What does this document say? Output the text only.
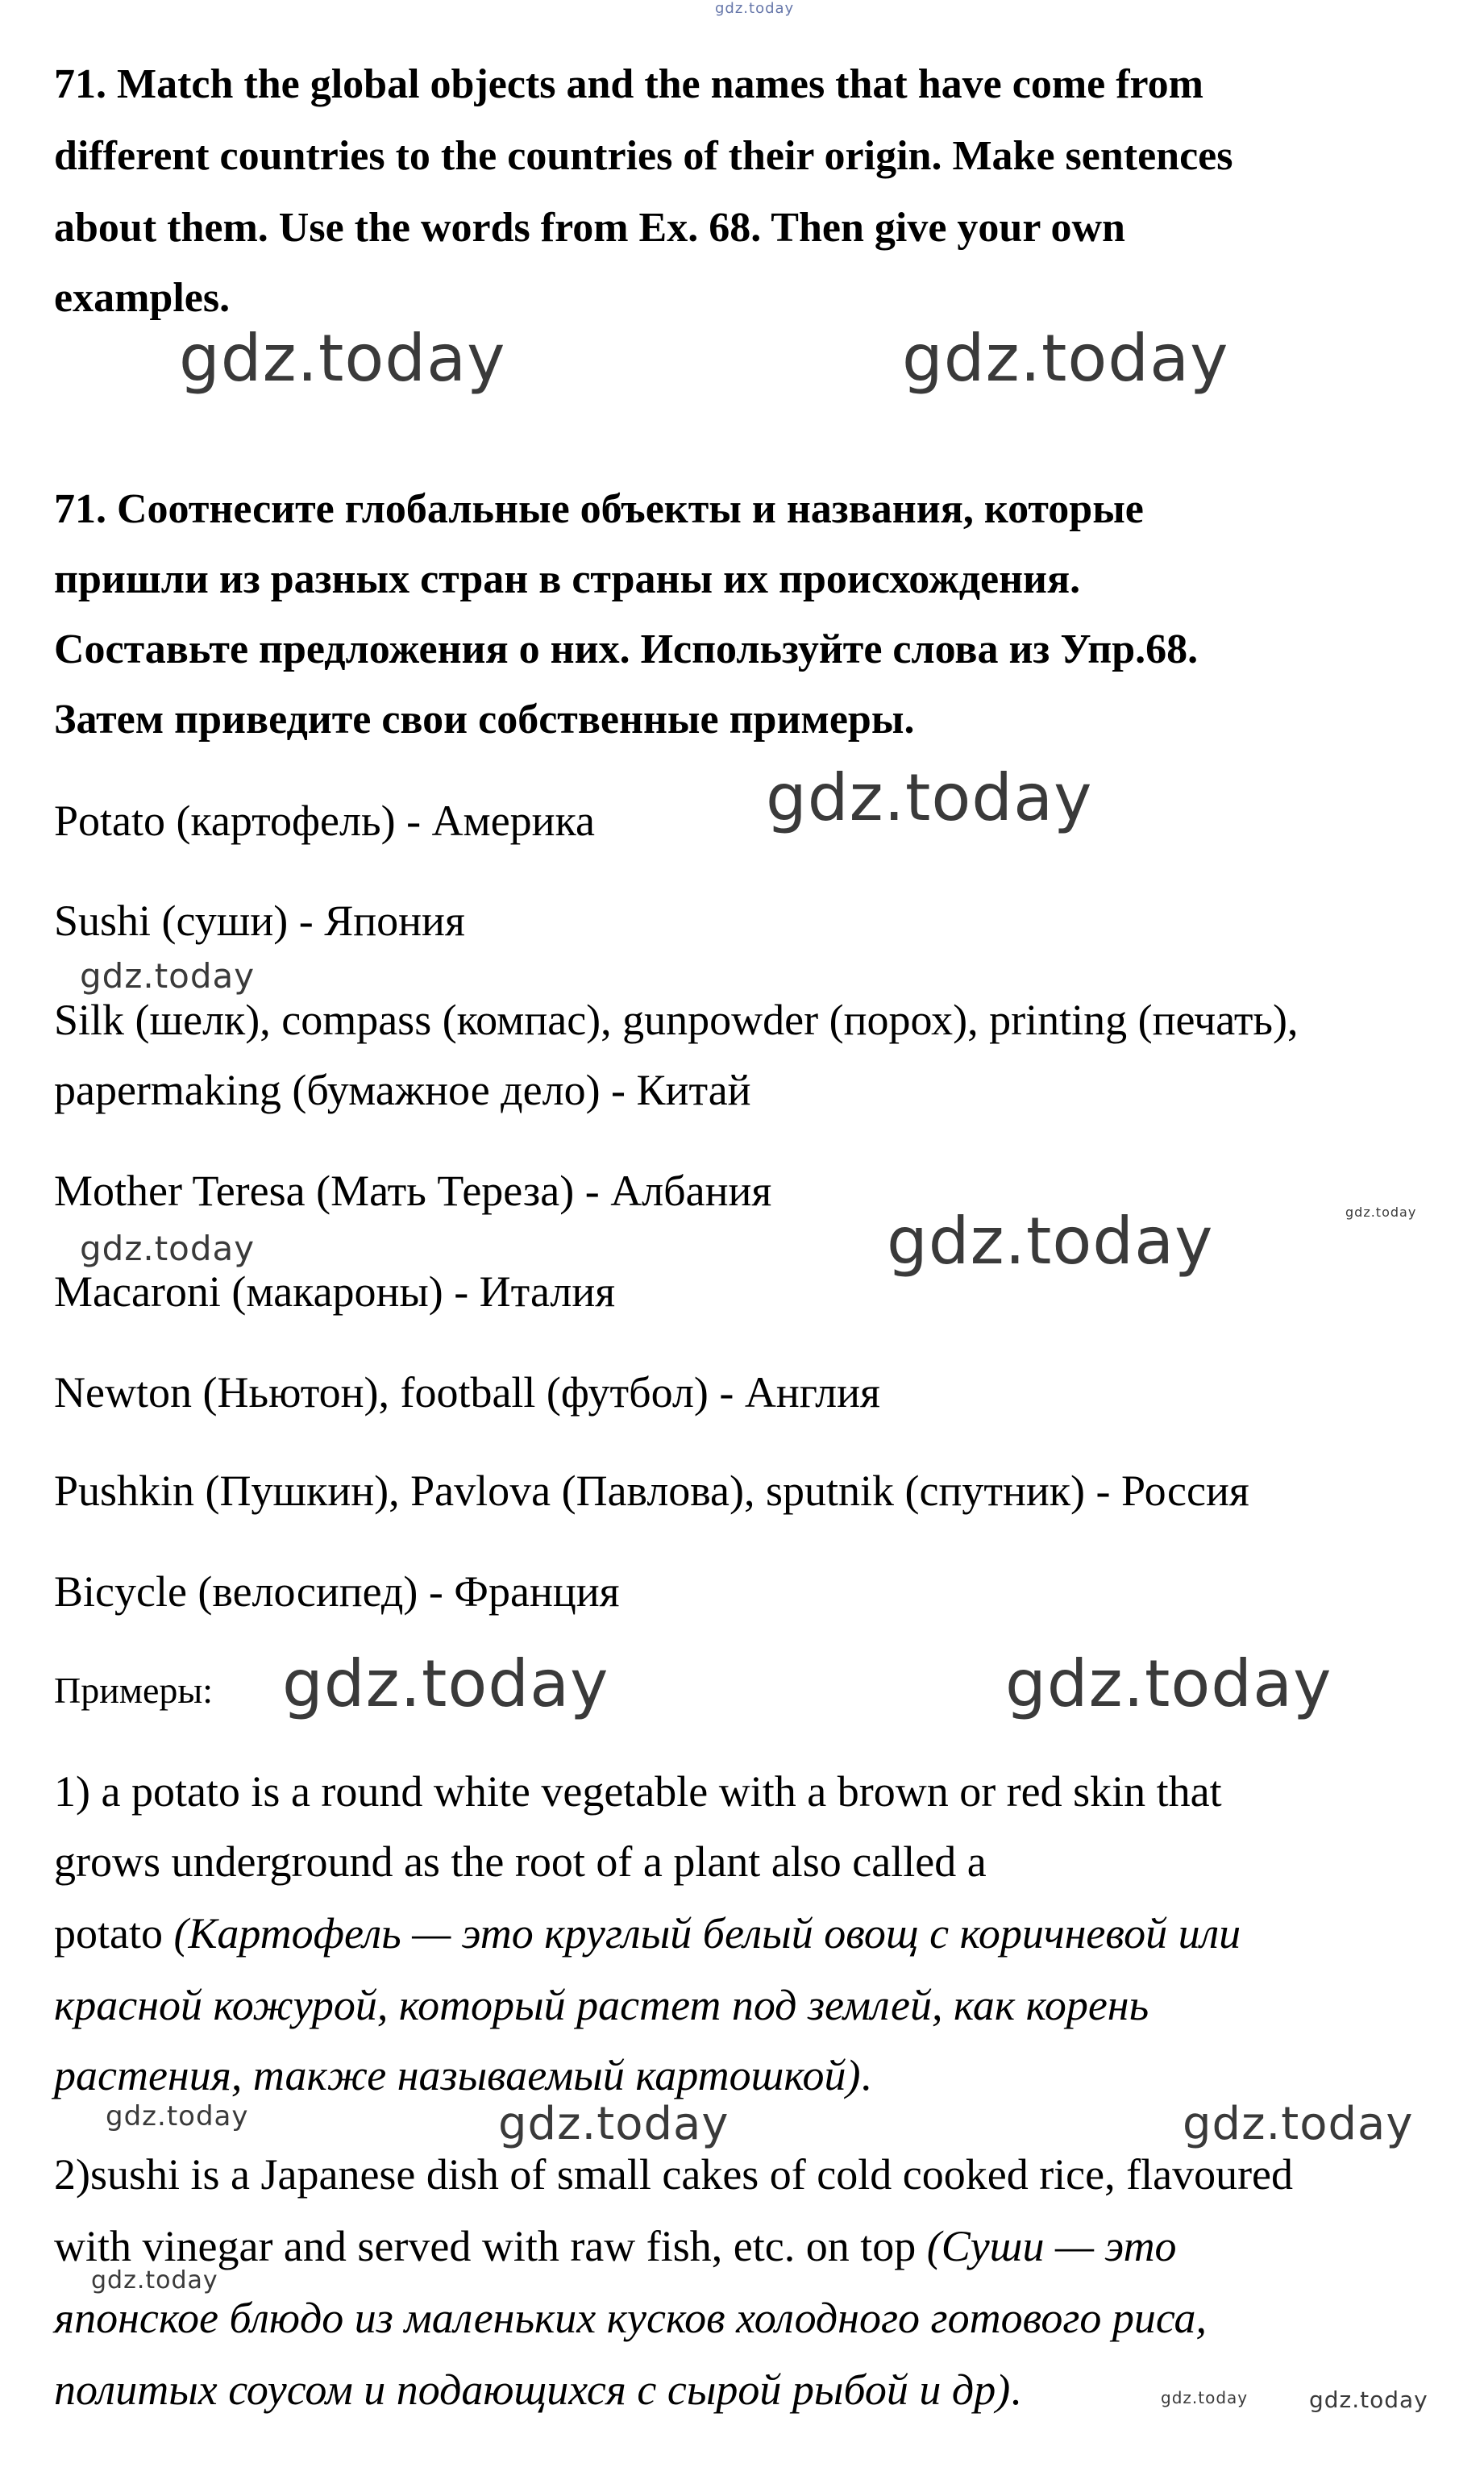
71. Match the global objects and the names that have come from
different countries to the countries of their origin. Make sentences
about them. Use the words from Ex. 68. Then give your own
examples.
71. Соотнесите глобальные объекты и названия, которые
пришли из разных стран в страны их происхождения.
Составьте предложения о них. Используйте слова из Упр.68.
Затем приведите свои собственные примеры.
Potato (картофель) - Америка
Sushi (суши) - Япония
Silk (шелк), compass (компас), gunpowder (порох), printing (печать),
papermaking (бумажное дело) - Китай
Mother Teresa (Мать Тереза) - Албания
Macaroni (макароны) - Италия
Newton (Ньютон), football (футбол) - Англия
Pushkin (Пушкин), Pavlova (Павлова), sputnik (спутник) - Россия
Bicycle (велосипед) - Франция
Примеры:
1) a potato is a round white vegetable with a brown or red skin that
grows underground as the root of a plant also called a
potato (Картофель — это круглый белый овощ с коричневой или
красной кожурой, который растет под землей, как корень
растения, также называемый картошкой).
2)sushi is a Japanese dish of small cakes of cold cooked rice, flavoured
with vinegar and served with raw fish, etc. on top (Суши — это
японское блюдо из маленьких кусков холодного готового риса,
политых соусом и подающихся с сырой рыбой и др).
gdz.today
gdz.today	gdz.today
gdz.today
gdz.today
gdz.today
gdz.today	gdz.today
gdz.today	gdz.today
gdz.today	gdz.today	gdz.today
gdz.today
gdz.today	gdz.today
